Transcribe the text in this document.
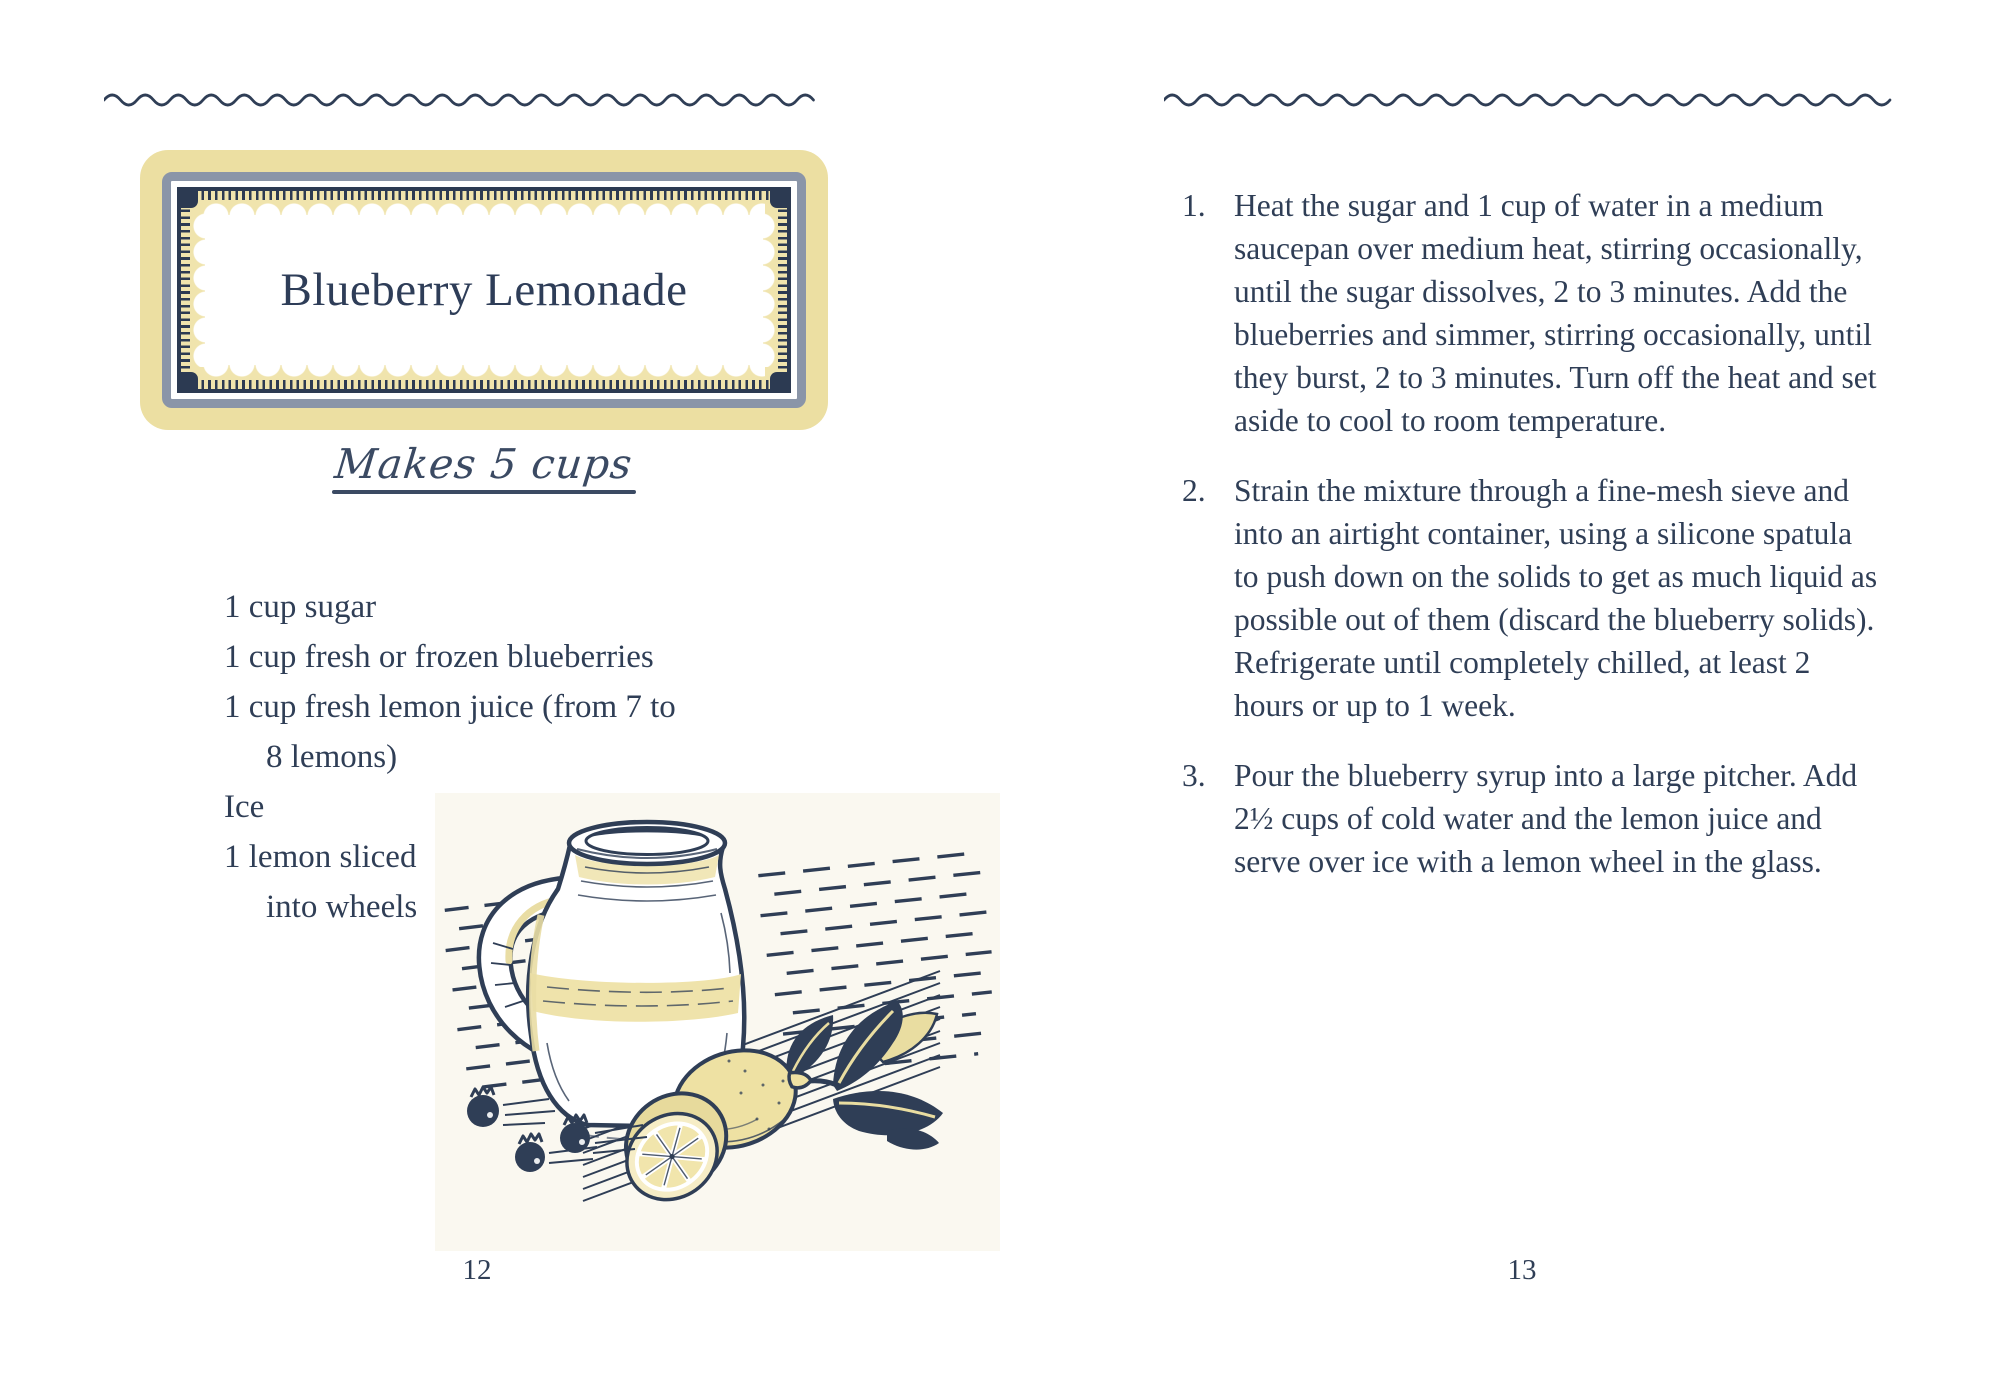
Blueberry Lemonade
Makes 5 cups
1 cup sugar
1 cup fresh or frozen blueberries
1 cup fresh lemon juice (from 7 to
8 lemons)
Ice
1 lemon sliced
into wheels
12
1. Heat the sugar and 1 cup of water in a medium saucepan over medium heat, stirring occasionally, until the sugar dissolves, 2 to 3 minutes. Add the blueberries and simmer, stirring occasionally, until they burst, 2 to 3 minutes. Turn off the heat and set aside to cool to room temperature.
2. Strain the mixture through a fine-mesh sieve and into an airtight container, using a silicone spatula to push down on the solids to get as much liquid as possible out of them (discard the blueberry solids). Refrigerate until completely chilled, at least 2 hours or up to 1 week.
3. Pour the blueberry syrup into a large pitcher. Add 2½ cups of cold water and the lemon juice and serve over ice with a lemon wheel in the glass.
13
